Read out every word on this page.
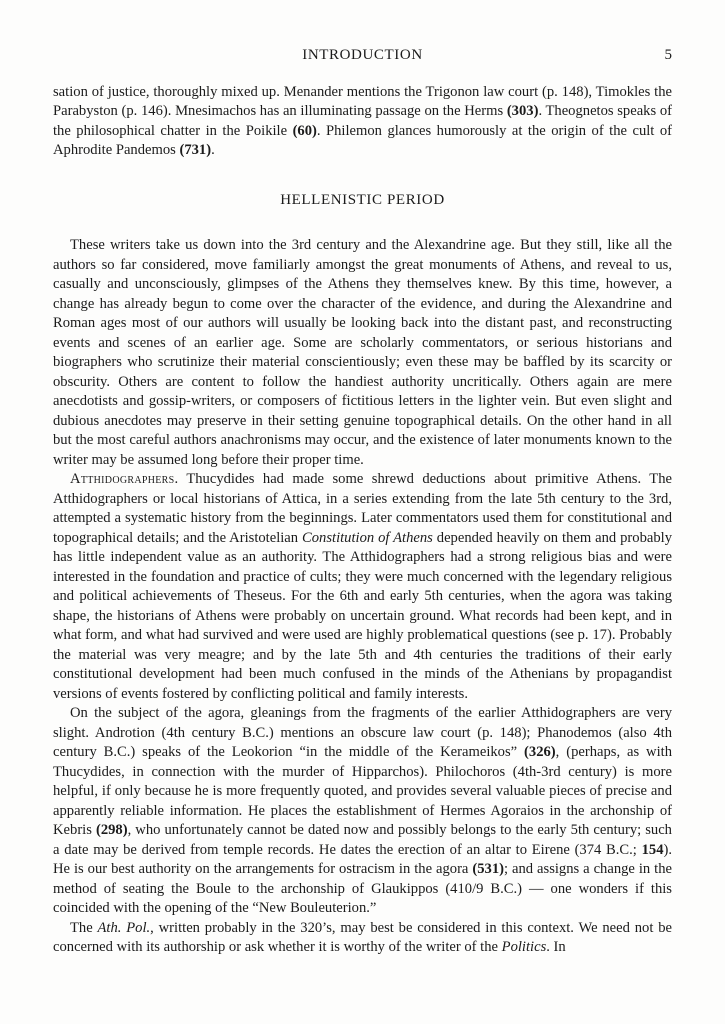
INTRODUCTION	5

sation of justice, thoroughly mixed up. Menander mentions the Trigonon law court (p. 148), Timokles the Parabyston (p. 146). Mnesimachos has an illuminating passage on the Herms (303). Theognetos speaks of the philosophical chatter in the Poikile (60). Philemon glances humorously at the origin of the cult of Aphrodite Pandemos (731).

HELLENISTIC PERIOD

These writers take us down into the 3rd century and the Alexandrine age. But they still, like all the authors so far considered, move familiarly amongst the great monuments of Athens, and reveal to us, casually and unconsciously, glimpses of the Athens they themselves knew. By this time, however, a change has already begun to come over the character of the evidence, and during the Alexandrine and Roman ages most of our authors will usually be looking back into the distant past, and reconstructing events and scenes of an earlier age. Some are scholarly commentators, or serious historians and biographers who scrutinize their material conscientiously; even these may be baffled by its scarcity or obscurity. Others are content to follow the handiest authority uncritically. Others again are mere anecdotists and gossip-writers, or composers of fictitious letters in the lighter vein. But even slight and dubious anecdotes may preserve in their setting genuine topographical details. On the other hand in all but the most careful authors anachronisms may occur, and the existence of later monuments known to the writer may be assumed long before their proper time.

Atthidographers. Thucydides had made some shrewd deductions about primitive Athens. The Atthidographers or local historians of Attica, in a series extending from the late 5th century to the 3rd, attempted a systematic history from the beginnings. Later commentators used them for constitutional and topographical details; and the Aristotelian Constitution of Athens depended heavily on them and probably has little independent value as an authority. The Atthidographers had a strong religious bias and were interested in the foundation and practice of cults; they were much concerned with the legendary religious and political achievements of Theseus. For the 6th and early 5th centuries, when the agora was taking shape, the historians of Athens were probably on uncertain ground. What records had been kept, and in what form, and what had survived and were used are highly problematical questions (see p. 17). Probably the material was very meagre; and by the late 5th and 4th centuries the traditions of their early constitutional development had been much confused in the minds of the Athenians by propagandist versions of events fostered by conflicting political and family interests.

On the subject of the agora, gleanings from the fragments of the earlier Atthidographers are very slight. Androtion (4th century B.C.) mentions an obscure law court (p. 148); Phanodemos (also 4th century B.C.) speaks of the Leokorion “in the middle of the Kerameikos” (326), (perhaps, as with Thucydides, in connection with the murder of Hipparchos). Philochoros (4th-3rd century) is more helpful, if only because he is more frequently quoted, and provides several valuable pieces of precise and apparently reliable information. He places the establishment of Hermes Agoraios in the archonship of Kebris (298), who unfortunately cannot be dated now and possibly belongs to the early 5th century; such a date may be derived from temple records. He dates the erection of an altar to Eirene (374 B.C.; 154). He is our best authority on the arrangements for ostracism in the agora (531); and assigns a change in the method of seating the Boule to the archonship of Glaukippos (410/9 B.C.) — one wonders if this coincided with the opening of the “New Bouleuterion.”

The Ath. Pol., written probably in the 320’s, may best be considered in this context. We need not be concerned with its authorship or ask whether it is worthy of the writer of the Politics. In
